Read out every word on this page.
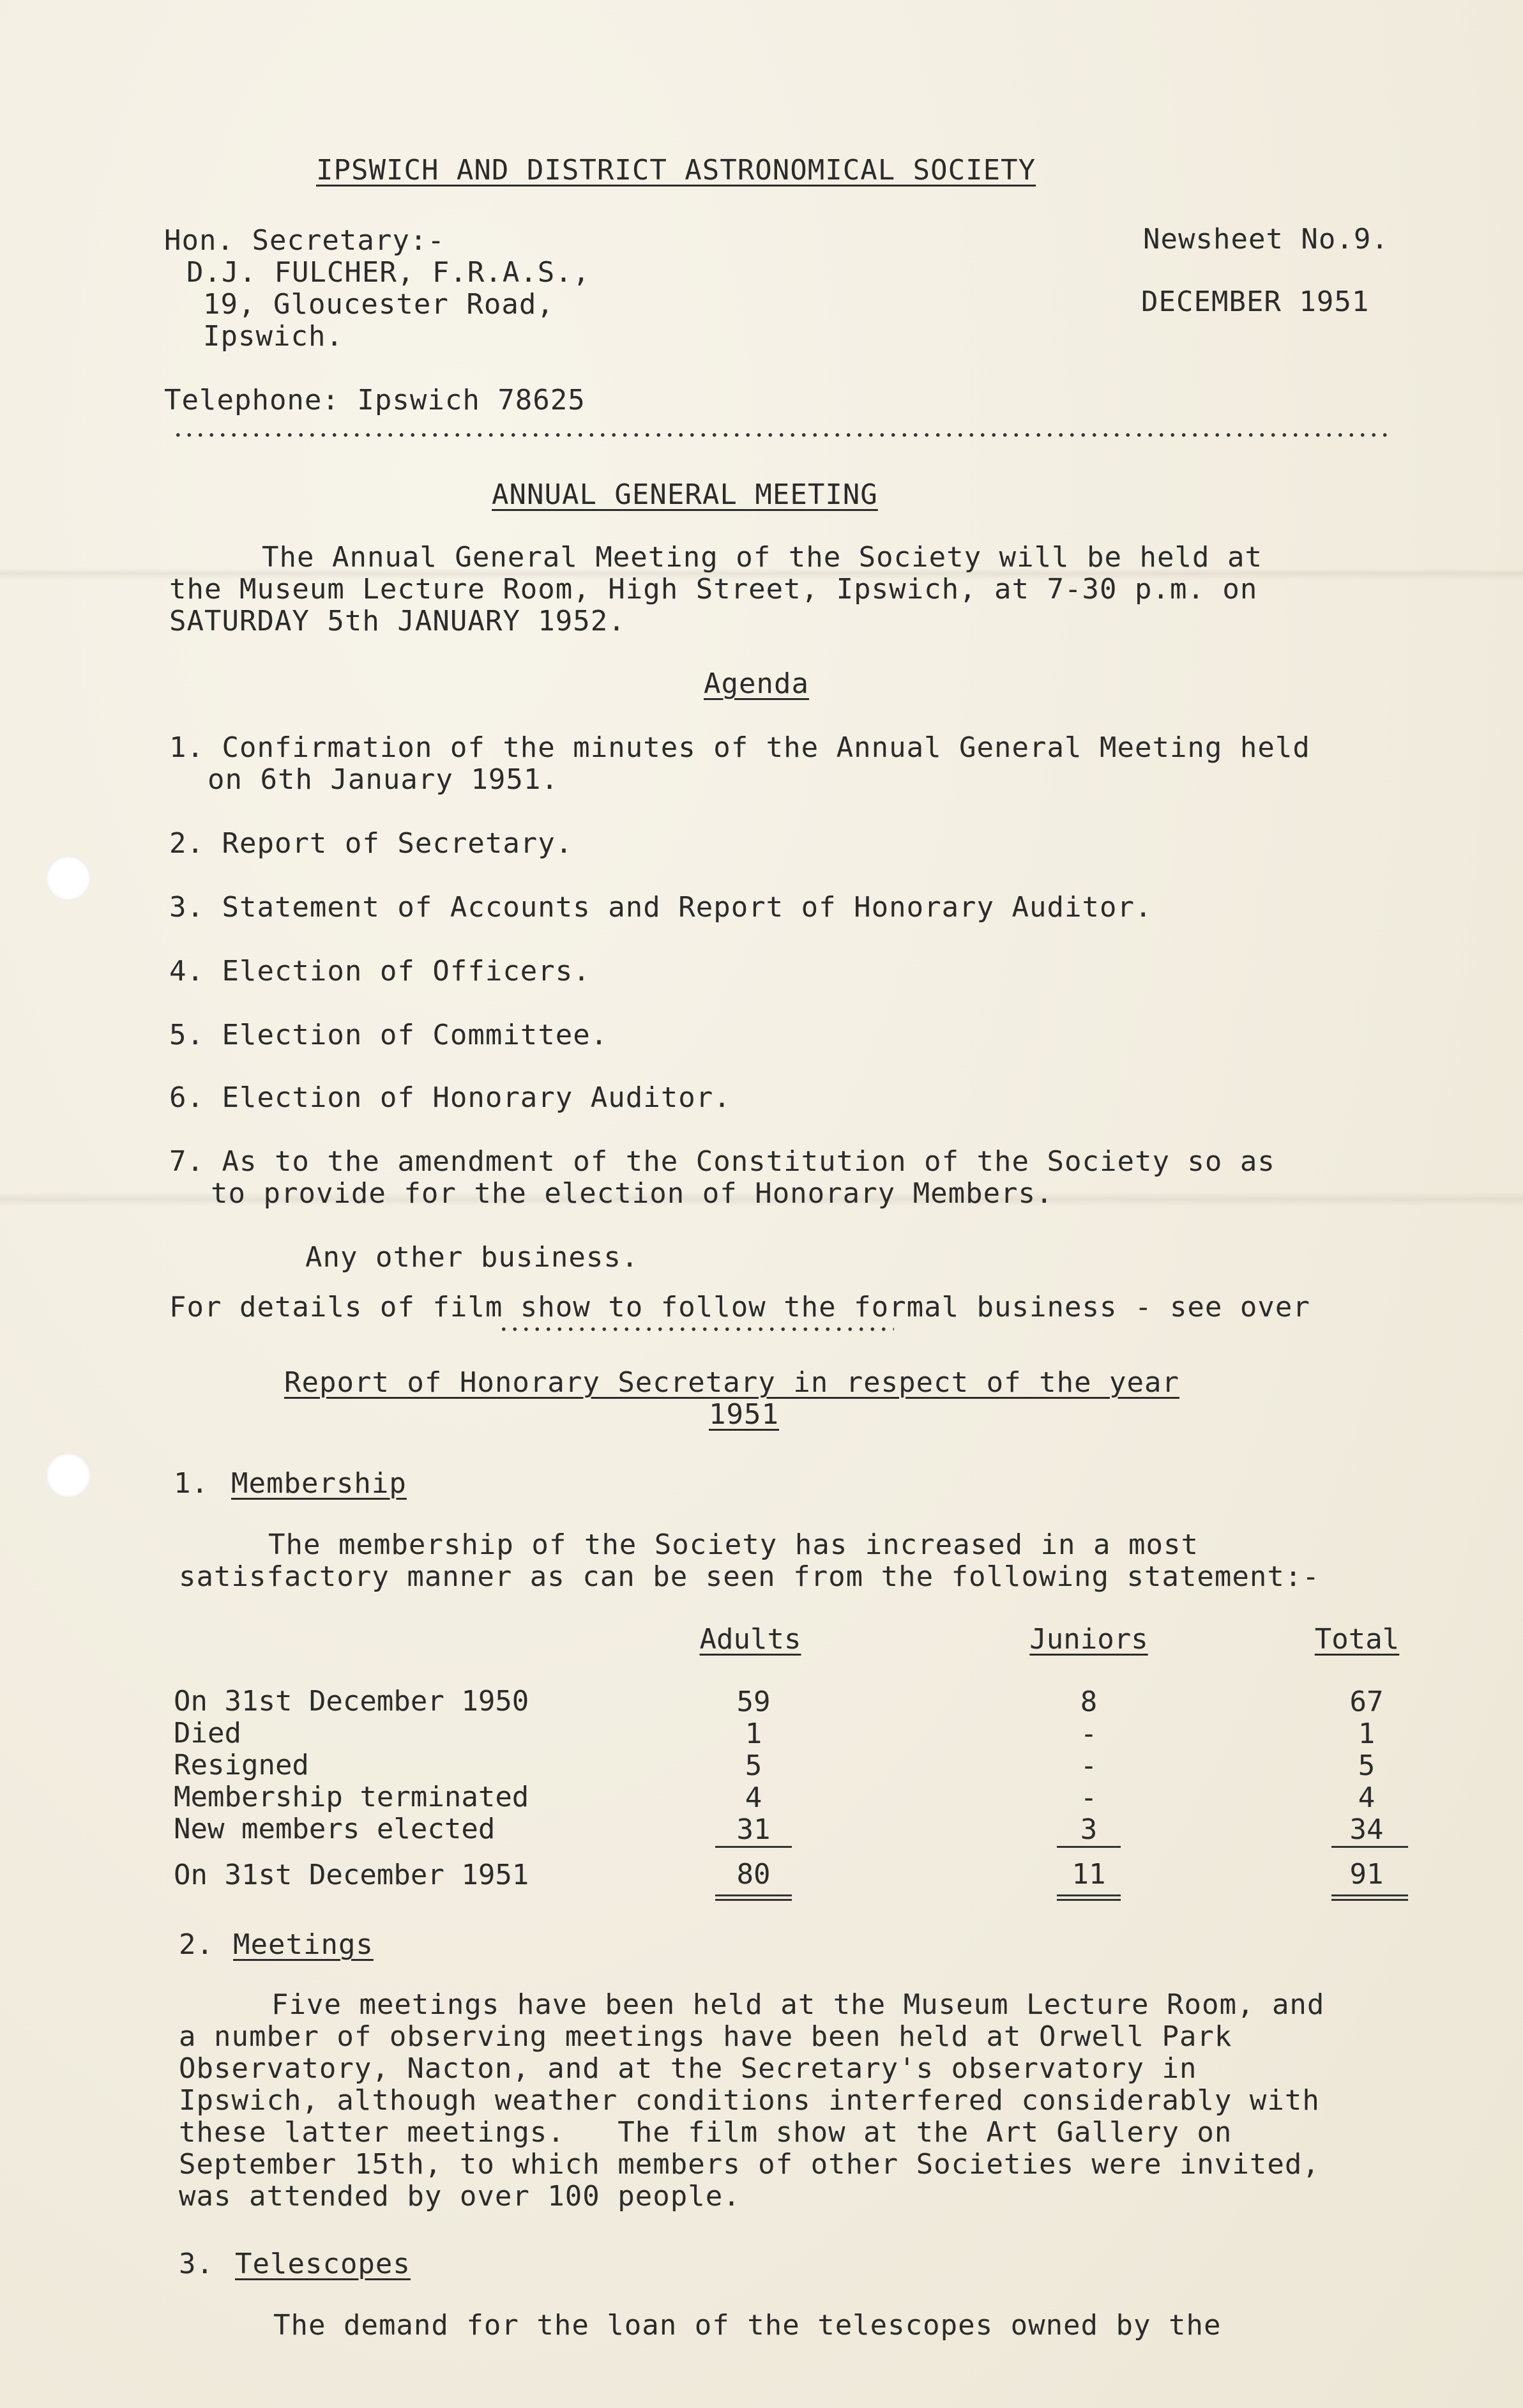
IPSWICH AND DISTRICT ASTRONOMICAL SOCIETY
Hon. Secretary:-
D.J. FULCHER, F.R.A.S.,
19, Gloucester Road,
Ipswich.
Telephone: Ipswich 78625
Newsheet No.9.
DECEMBER 1951
ANNUAL GENERAL MEETING
The Annual General Meeting of the Society will be held at
the Museum Lecture Room, High Street, Ipswich, at 7-30 p.m. on
SATURDAY 5th JANUARY 1952.
Agenda
1. Confirmation of the minutes of the Annual General Meeting held
on 6th January 1951.
2. Report of Secretary.
3. Statement of Accounts and Report of Honorary Auditor.
4. Election of Officers.
5. Election of Committee.
6. Election of Honorary Auditor.
7. As to the amendment of the Constitution of the Society so as
to provide for the election of Honorary Members.
Any other business.
For details of film show to follow the formal business - see over
Report of Honorary Secretary in respect of the year
1951
1. Membership
The membership of the Society has increased in a most
satisfactory manner as can be seen from the following statement:-
Adults	Juniors	Total
On 31st December 1950	59	8	67
Died	1	-	1
Resigned	5	-	5
Membership terminated	4	-	4
New members elected	31	3	34
On 31st December 1951	80	11	91
2. Meetings
Five meetings have been held at the Museum Lecture Room, and
a number of observing meetings have been held at Orwell Park
Observatory, Nacton, and at the Secretary's observatory in
Ipswich, although weather conditions interfered considerably with
these latter meetings.   The film show at the Art Gallery on
September 15th, to which members of other Societies were invited,
was attended by over 100 people.
3. Telescopes
The demand for the loan of the telescopes owned by the
